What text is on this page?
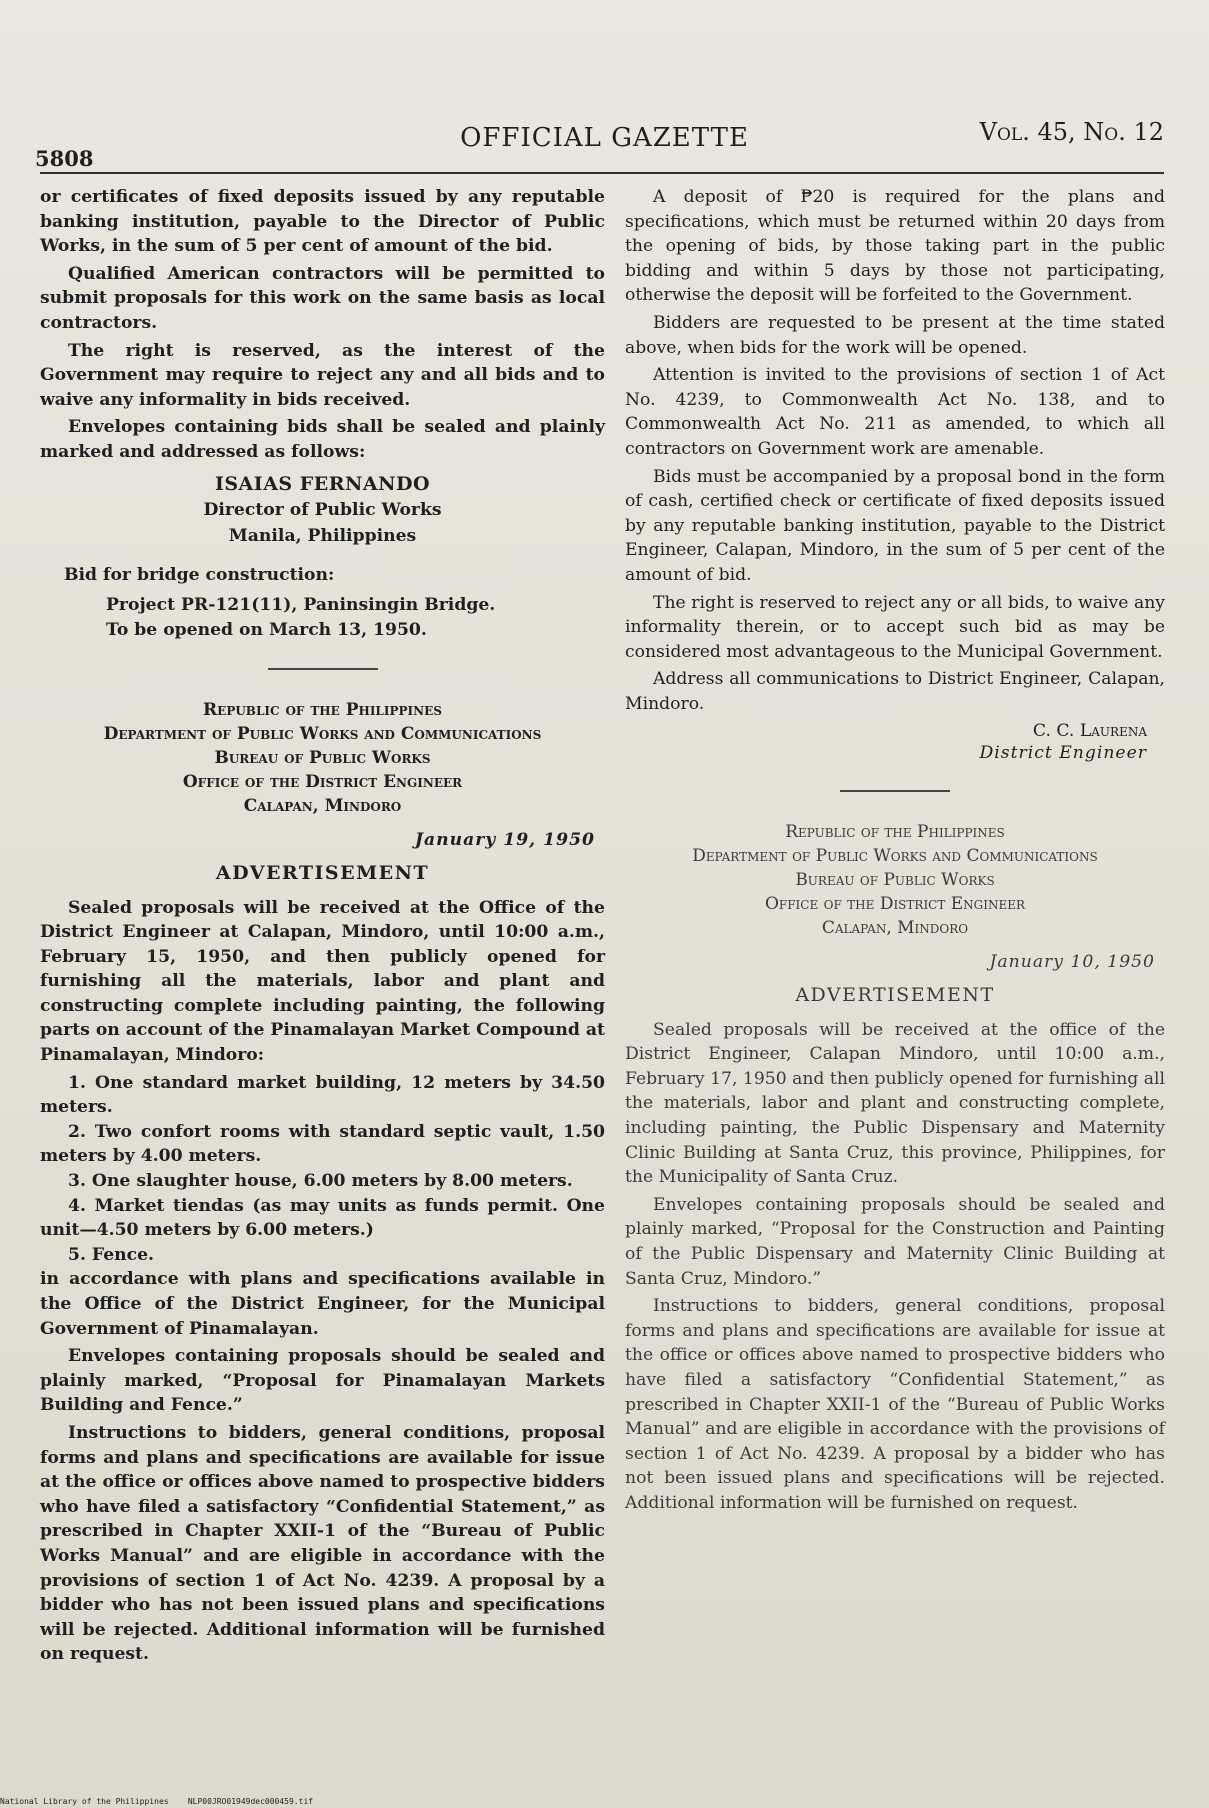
5808
OFFICIAL GAZETTE	Vol. 45, No. 12

or certificates of fixed deposits issued by any reputable banking institution, payable to the Director of Public Works, in the sum of 5 per cent of amount of the bid.

Qualified American contractors will be permitted to submit proposals for this work on the same basis as local contractors.

The right is reserved, as the interest of the Government may require to reject any and all bids and to waive any informality in bids received.

Envelopes containing bids shall be sealed and plainly marked and addressed as follows:

ISAIAS FERNANDO
Director of Public Works
Manila, Philippines
Bid for bridge construction:
Project PR-121(11), Paninsingin Bridge.
To be opened on March 13, 1950.
Republic of the Philippines
Department of Public Works and Communications
Bureau of Public Works
Office of the District Engineer
Calapan, Mindoro
January 19, 1950
ADVERTISEMENT

Sealed proposals will be received at the Office of the District Engineer at Calapan, Mindoro, until 10:00 a.m., February 15, 1950, and then publicly opened for furnishing all the materials, labor and plant and constructing complete including painting, the following parts on account of the Pinamalayan Market Compound at Pinamalayan, Mindoro:

1. One standard market building, 12 meters by 34.50 meters.

2. Two confort rooms with standard septic vault, 1.50 meters by 4.00 meters.

3. One slaughter house, 6.00 meters by 8.00 meters.

4. Market tiendas (as may units as funds permit. One unit—4.50 meters by 6.00 meters.)

5. Fence.

in accordance with plans and specifications available in the Office of the District Engineer, for the Municipal Government of Pinamalayan.

Envelopes containing proposals should be sealed and plainly marked, “Proposal for Pinamalayan Markets Building and Fence.”

Instructions to bidders, general conditions, proposal forms and plans and specifications are available for issue at the office or offices above named to prospective bidders who have filed a satisfactory “Confidential Statement,” as prescribed in Chapter XXII-1 of the “Bureau of Public Works Manual” and are eligible in accordance with the provisions of section 1 of Act No. 4239. A proposal by a bidder who has not been issued plans and specifications will be rejected. Additional information will be furnished on request.

A deposit of ₱20 is required for the plans and specifications, which must be returned within 20 days from the opening of bids, by those taking part in the public bidding and within 5 days by those not participating, otherwise the deposit will be forfeited to the Government.

Bidders are requested to be present at the time stated above, when bids for the work will be opened.

Attention is invited to the provisions of section 1 of Act No. 4239, to Commonwealth Act No. 138, and to Commonwealth Act No. 211 as amended, to which all contractors on Government work are amenable.

Bids must be accompanied by a proposal bond in the form of cash, certified check or certificate of fixed deposits issued by any reputable banking institution, payable to the District Engineer, Calapan, Mindoro, in the sum of 5 per cent of the amount of bid.

The right is reserved to reject any or all bids, to waive any informality therein, or to accept such bid as may be considered most advantageous to the Municipal Government.

Address all communications to District Engineer, Calapan, Mindoro.

C. C. Laurena
District Engineer
Republic of the Philippines
Department of Public Works and Communications
Bureau of Public Works
Office of the District Engineer
Calapan, Mindoro
January 10, 1950
ADVERTISEMENT

Sealed proposals will be received at the office of the District Engineer, Calapan Mindoro, until 10:00 a.m., February 17, 1950 and then publicly opened for furnishing all the materials, labor and plant and constructing complete, including painting, the Public Dispensary and Maternity Clinic Building at Santa Cruz, this province, Philippines, for the Municipality of Santa Cruz.

Envelopes containing proposals should be sealed and plainly marked, “Proposal for the Construction and Painting of the Public Dispensary and Maternity Clinic Building at Santa Cruz, Mindoro.”

Instructions to bidders, general conditions, proposal forms and plans and specifications are available for issue at the office or offices above named to prospective bidders who have filed a satisfactory “Confidential Statement,” as prescribed in Chapter XXII-1 of the “Bureau of Public Works Manual” and are eligible in accordance with the provisions of section 1 of Act No. 4239. A proposal by a bidder who has not been issued plans and specifications will be rejected. Additional information will be furnished on request.

National Library of the Philippines NLP00JRO01949dec000459.tif
